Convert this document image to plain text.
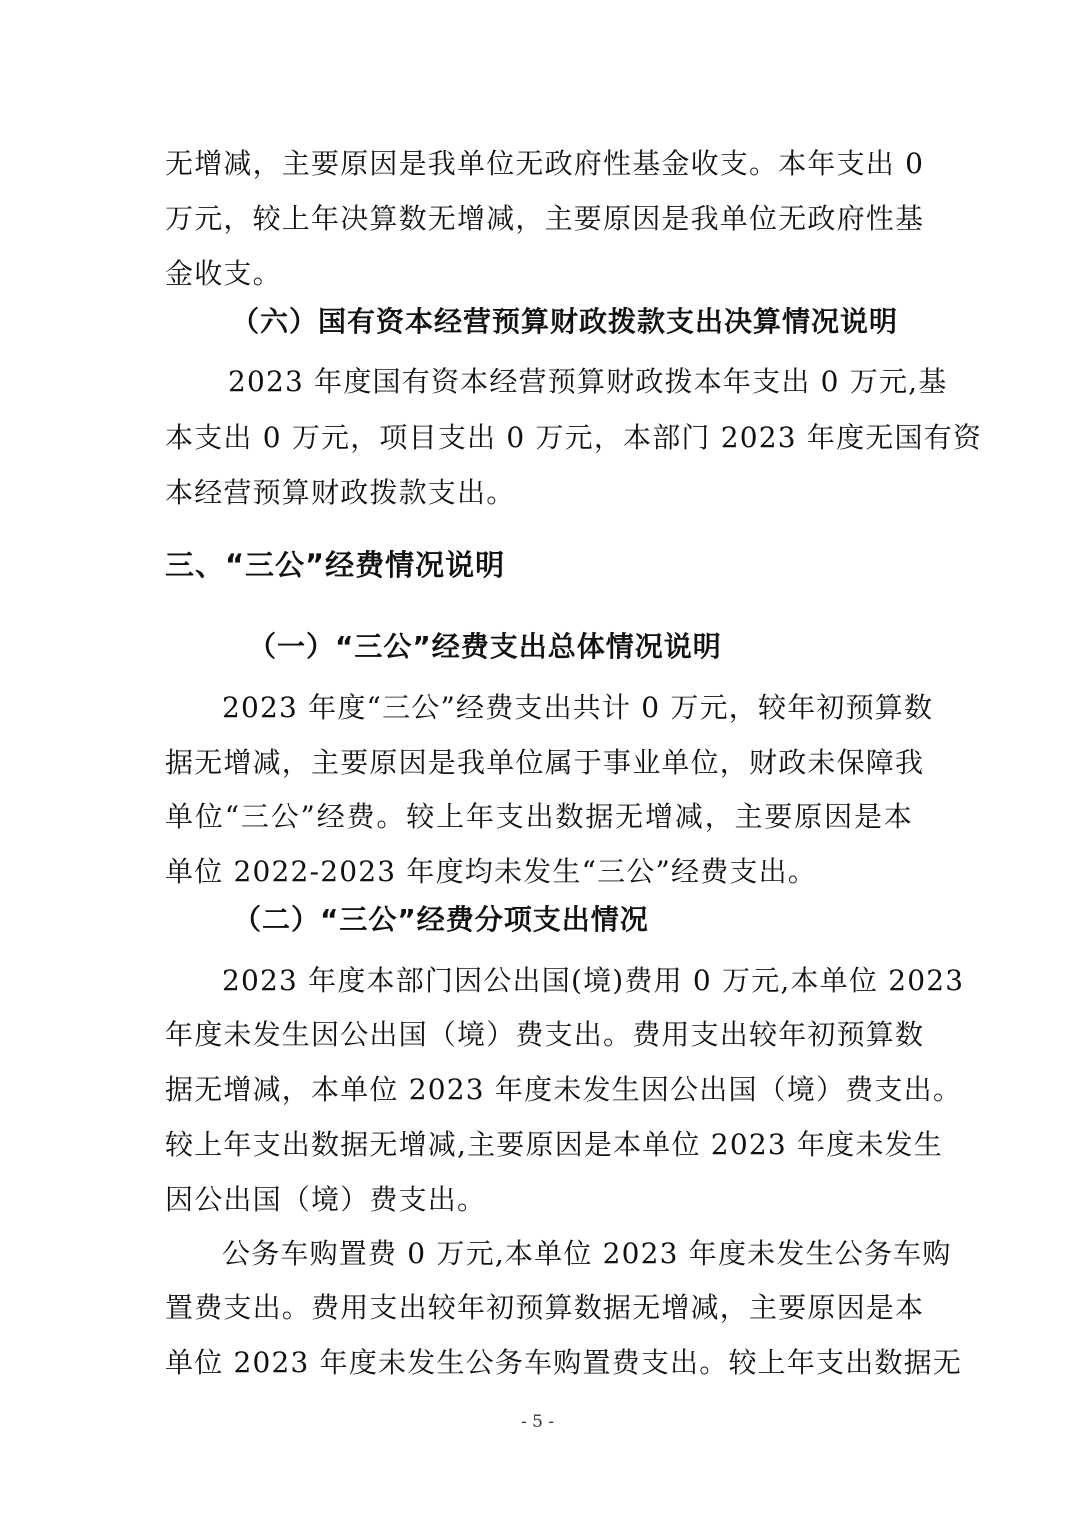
无增减，主要原因是我单位无政府性基金收支。本年支出 0
万元，较上年决算数无增减，主要原因是我单位无政府性基
金收支。
（六）国有资本经营预算财政拨款支出决算情况说明
2023 年度国有资本经营预算财政拨本年支出 0 万元,基
本支出 0 万元，项目支出 0 万元，本部门 2023 年度无国有资
本经营预算财政拨款支出。
三、“三公”经费情况说明
（一）“三公”经费支出总体情况说明
2023 年度“三公”经费支出共计 0 万元，较年初预算数
据无增减，主要原因是我单位属于事业单位，财政未保障我
单位“三公”经费。较上年支出数据无增减，主要原因是本
单位 2022-2023 年度均未发生“三公”经费支出。
（二）“三公”经费分项支出情况
2023 年度本部门因公出国(境)费用 0 万元,本单位 2023
年度未发生因公出国（境）费支出。费用支出较年初预算数
据无增减，本单位 2023 年度未发生因公出国（境）费支出。
较上年支出数据无增减,主要原因是本单位 2023 年度未发生
因公出国（境）费支出。
公务车购置费 0 万元,本单位 2023 年度未发生公务车购
置费支出。费用支出较年初预算数据无增减，主要原因是本
单位 2023 年度未发生公务车购置费支出。较上年支出数据无
- 5 -
